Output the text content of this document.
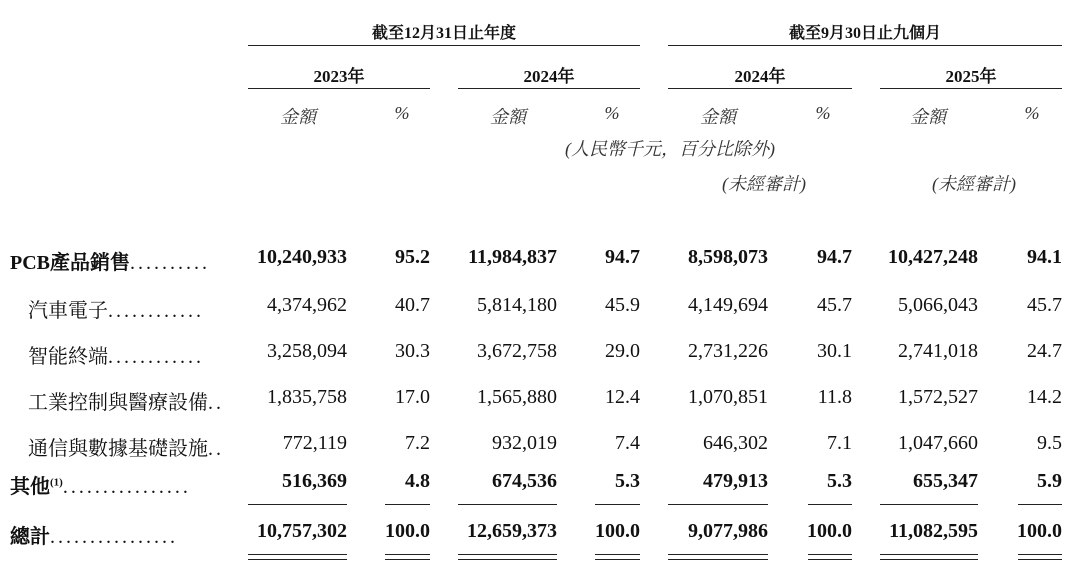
截至12月31日止年度	截至9月30日止九個月
2023年	2024年	2024年	2025年
金額	%	金額	%	金額	%	金額	%
(人民幣千元，百分比除外)
(未經審計)	(未經審計)
PCB產品銷售..........	10,240,933	95.2	11,984,837	94.7	8,598,073	94.7	10,427,248	94.1
汽車電子............	4,374,962	40.7	5,814,180	45.9	4,149,694	45.7	5,066,043	45.7
智能終端............	3,258,094	30.3	3,672,758	29.0	2,731,226	30.1	2,741,018	24.7
工業控制與醫療設備..	1,835,758	17.0	1,565,880	12.4	1,070,851	11.8	1,572,527	14.2
通信與數據基礎設施..	772,119	7.2	932,019	7.4	646,302	7.1	1,047,660	9.5
其他$^{(1)}$................	516,369	4.8	674,536	5.3	479,913	5.3	655,347	5.9
總計................	10,757,302	100.0	12,659,373	100.0	9,077,986	100.0	11,082,595	100.0
